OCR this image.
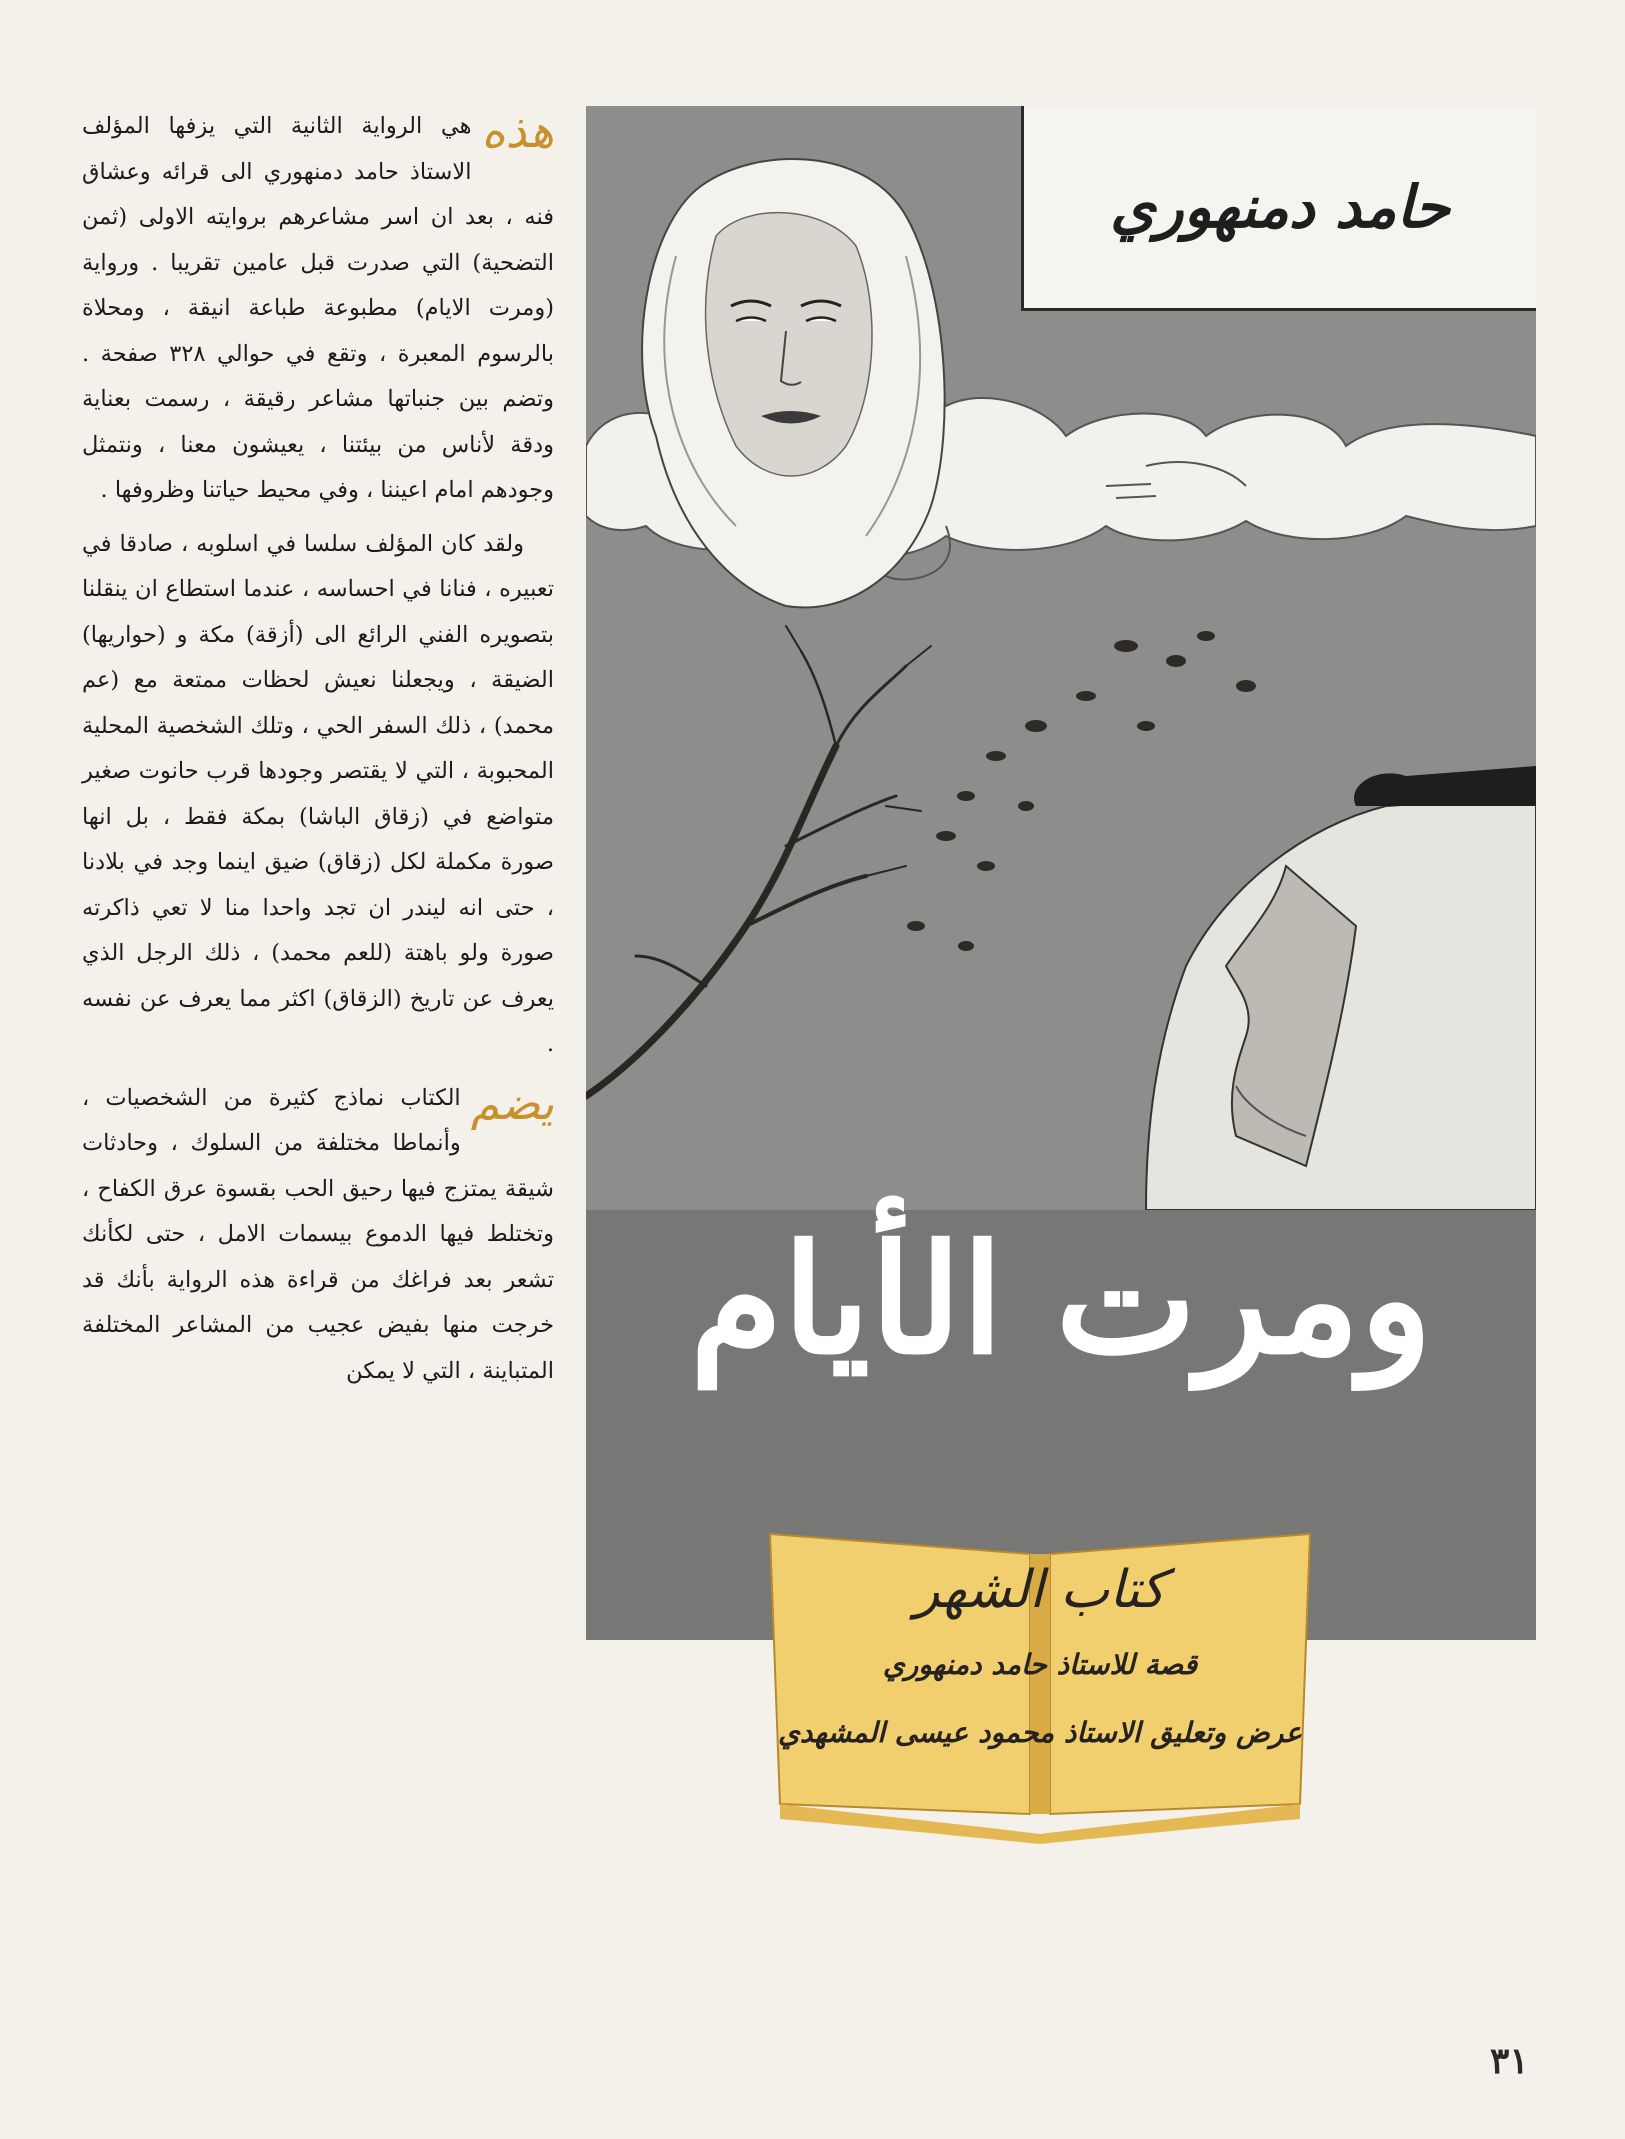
هذه
هي الرواية الثانية التي يزفها المؤلف الاستاذ حامد دمنهوري الى قرائه وعشاق فنه ، بعد ان اسر مشاعرهم بروايته الاولى (ثمن التضحية) التي صدرت قبل عامين تقريبا . ورواية (ومرت الايام) مطبوعة طباعة انيقة ، ومحلاة بالرسوم المعبرة ، وتقع في حوالي ٣٢٨ صفحة . وتضم بين جنباتها مشاعر رقيقة ، رسمت بعناية ودقة لأناس من بيئتنا ، يعيشون معنا ، ونتمثل وجودهم امام اعيننا ، وفي محيط حياتنا وظروفها .

ولقد كان المؤلف سلسا في اسلوبه ، صادقا في تعبيره ، فنانا في احساسه ، عندما استطاع ان ينقلنا بتصويره الفني الرائع الى (أزقة) مكة و (حواريها) الضيقة ، ويجعلنا نعيش لحظات ممتعة مع (عم محمد) ، ذلك السفر الحي ، وتلك الشخصية المحلية المحبوبة ، التي لا يقتصر وجودها قرب حانوت صغير متواضع في (زقاق الباشا) بمكة فقط ، بل انها صورة مكملة لكل (زقاق) ضيق اينما وجد في بلادنا ، حتى انه ليندر ان تجد واحدا منا لا تعي ذاكرته صورة ولو باهتة (للعم محمد) ، ذلك الرجل الذي يعرف عن تاريخ (الزقاق) اكثر مما يعرف عن نفسه .

يضم
الكتاب نماذج كثيرة من الشخصيات ، وأنماطا مختلفة من السلوك ، وحادثات شيقة يمتزج فيها رحيق الحب بقسوة عرق الكفاح ، وتختلط فيها الدموع بيسمات الامل ، حتى لكأنك تشعر بعد فراغك من قراءة هذه الرواية بأنك قد خرجت منها بفيض عجيب من المشاعر المختلفة المتباينة ، التي لا يمكن

حامد دمنهوري
ومرت الأيام
كتاب الشهر
قصة للاستاذ حامد دمنهوري
عرض وتعليق الاستاذ محمود عيسى المشهدي
٣١
